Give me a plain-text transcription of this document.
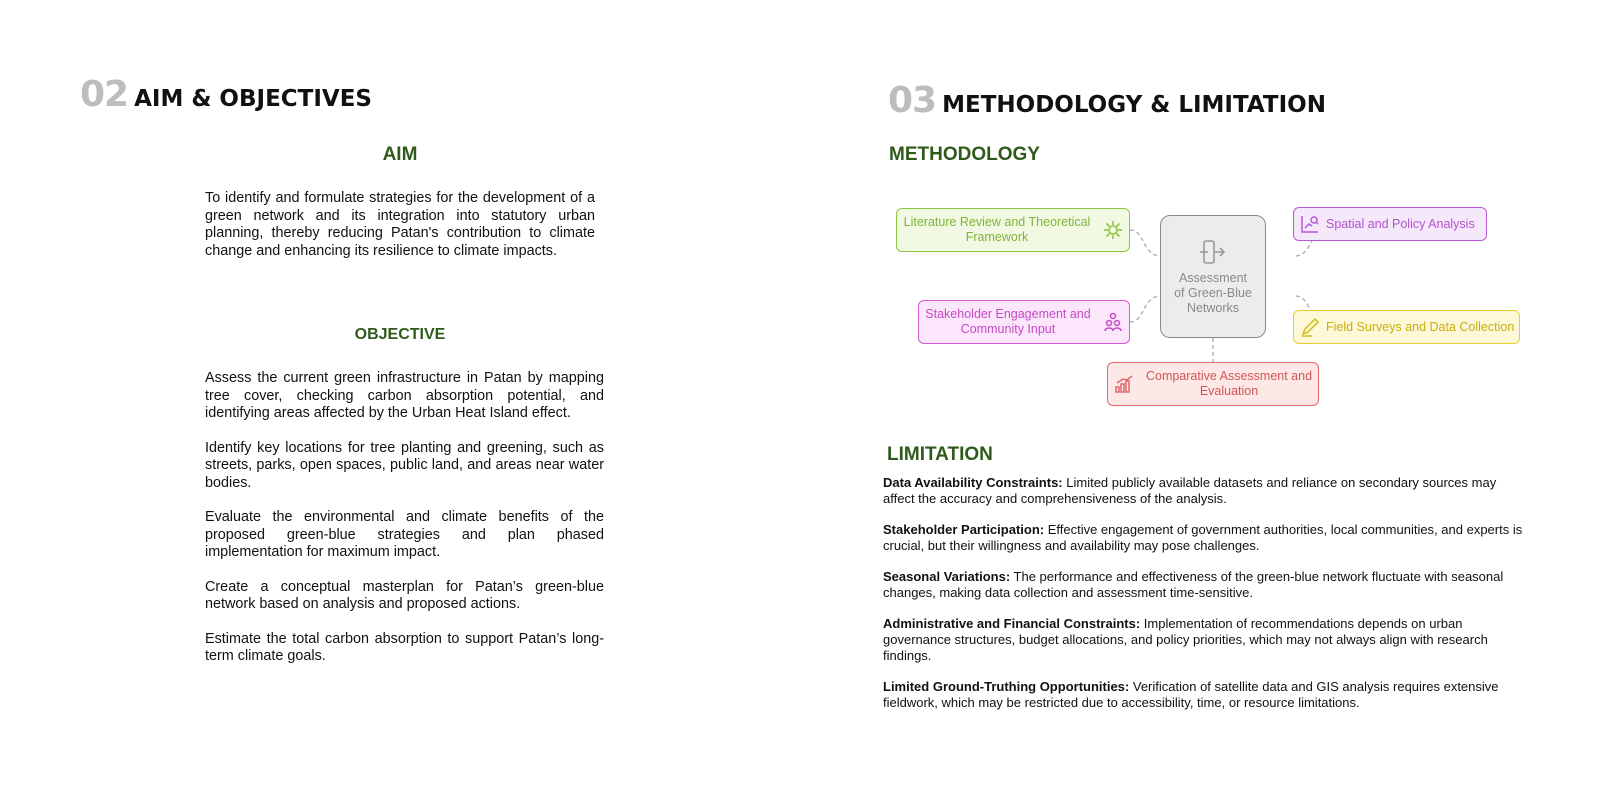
02 AIM & OBJECTIVES
AIM

To identify and formulate strategies for the development of a green network and its integration into statutory urban planning, thereby reducing Patan's contribution to climate change and enhancing its resilience to climate impacts.

OBJECTIVE

Assess the current green infrastructure in Patan by mapping tree cover, checking carbon absorption potential, and identifying areas affected by the Urban Heat Island effect.

Identify key locations for tree planting and greening, such as streets, parks, open spaces, public land, and areas near water bodies.

Evaluate the environmental and climate benefits of the proposed green-blue strategies and plan phased implementation for maximum impact.

Create a conceptual masterplan for Patan’s green-blue network based on analysis and proposed actions.

Estimate the total carbon absorption to support Patan’s long-term climate goals.

03 METHODOLOGY & LIMITATION
METHODOLOGY
Assessment of Green-Blue Networks
Literature Review and Theoretical Framework
Stakeholder Engagement and Community Input
Spatial and Policy Analysis
Field Surveys and Data Collection
Comparative Assessment and Evaluation
LIMITATION

Data Availability Constraints: Limited publicly available datasets and reliance on secondary sources may affect the accuracy and comprehensiveness of the analysis.

Stakeholder Participation: Effective engagement of government authorities, local communities, and experts is crucial, but their willingness and availability may pose challenges.

Seasonal Variations: The performance and effectiveness of the green-blue network fluctuate with seasonal changes, making data collection and assessment time-sensitive.

Administrative and Financial Constraints: Implementation of recommendations depends on urban governance structures, budget allocations, and policy priorities, which may not always align with research findings.

Limited Ground-Truthing Opportunities: Verification of satellite data and GIS analysis requires extensive fieldwork, which may be restricted due to accessibility, time, or resource limitations.
